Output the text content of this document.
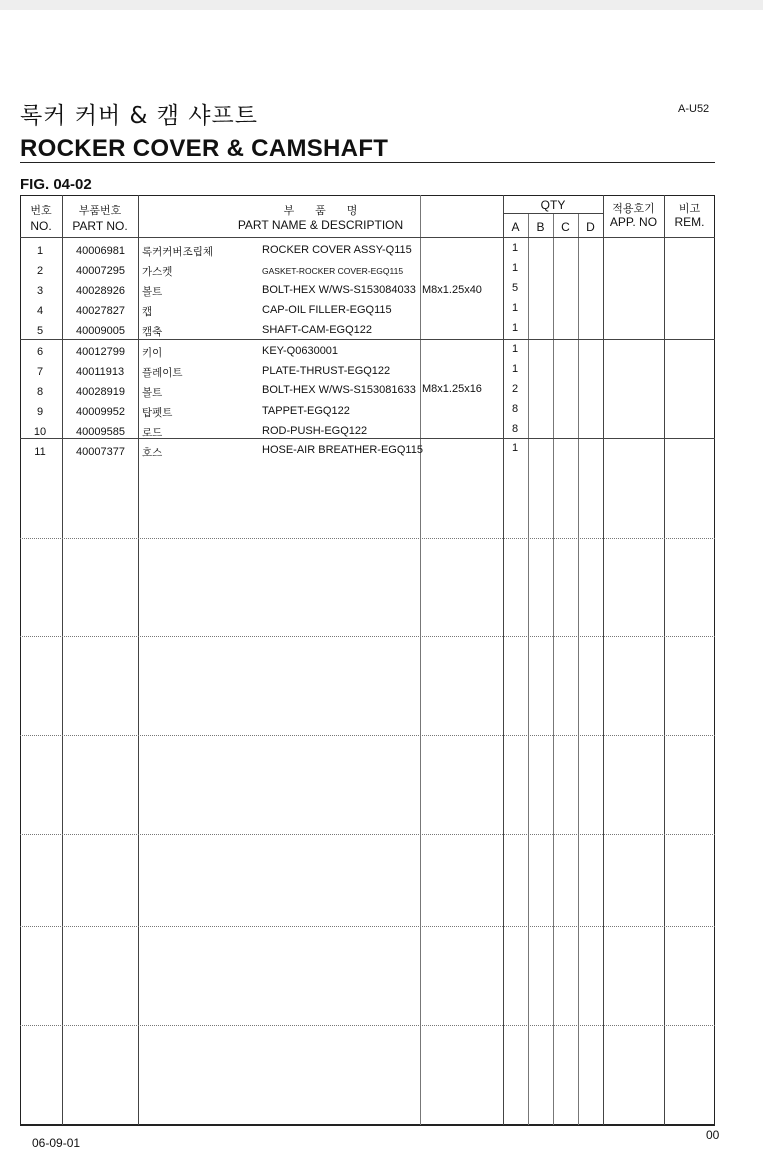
록커 커버 & 캠 샤프트
ROCKER COVER & CAMSHAFT
A-U52
FIG. 04-02
번호
NO.
부품번호
PART NO.
부      품      명
PART NAME & DESCRIPTION
QTY
A	B	C	D
적용호기
APP. NO
비고
REM.
1	40006981 록커커버조립체	ROCKER COVER ASSY-Q115	1
2	40007295 가스켓	GASKET-ROCKER COVER-EGQ115	1
3	40028926 볼트	BOLT-HEX W/WS-S153084033 M8x1.25x40	5
4	40027827 캡	CAP-OIL FILLER-EGQ115	1
5	40009005 캠축	SHAFT-CAM-EGQ122	1
6	40012799 키이	KEY-Q0630001	1
7	40011913 플레이트	PLATE-THRUST-EGQ122	1
8	40028919 볼트	BOLT-HEX W/WS-S153081633 M8x1.25x16	2
9	40009952 탑펫트	TAPPET-EGQ122	8
10	40009585 로드	ROD-PUSH-EGQ122	8
11	40007377 호스	HOSE-AIR BREATHER-EGQ115	1
06-09-01
00
